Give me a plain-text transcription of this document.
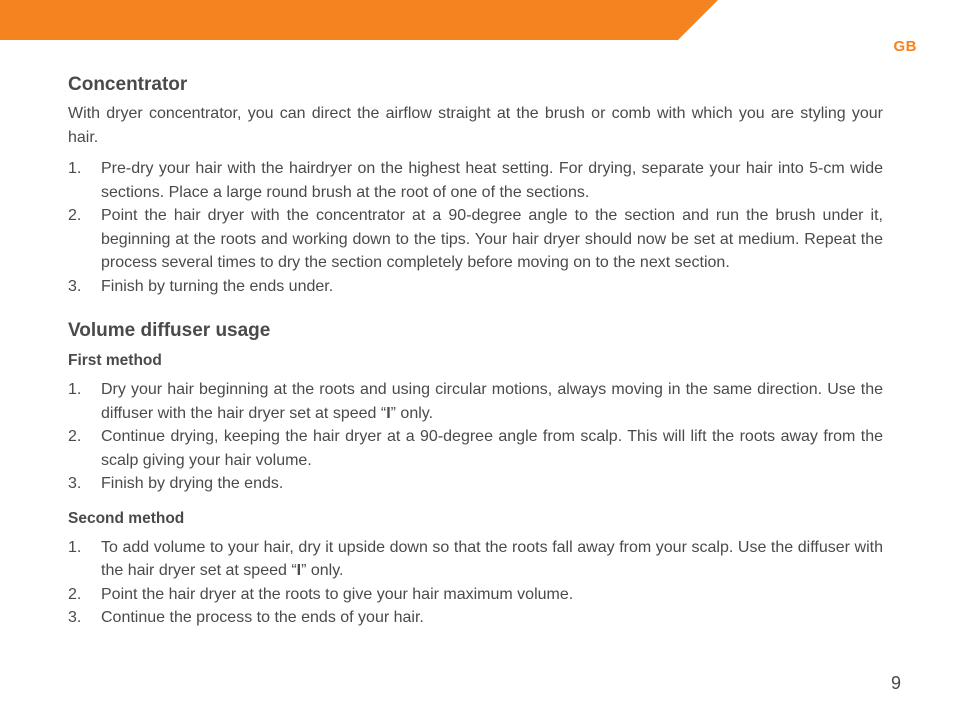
GB
Concentrator

With dryer concentrator, you can direct the airflow straight at the brush or comb with which you are styling your hair.

1. Pre-dry your hair with the hairdryer on the highest heat setting. For drying, separate your hair into 5-cm wide sections. Place a large round brush at the root of one of the sections.
2. Point the hair dryer with the concentrator at a 90-degree angle to the section and run the brush under it, beginning at the roots and working down to the tips. Your hair dryer should now be set at medium. Repeat the process several times to dry the section completely before moving on to the next section.
3. Finish by turning the ends under.
Volume diffuser usage
First method
1. Dry your hair beginning at the roots and using circular motions, always moving in the same direction. Use the diffuser with the hair dryer set at speed “I” only.
2. Continue drying, keeping the hair dryer at a 90-degree angle from scalp. This will lift the roots away from the scalp giving your hair volume.
3. Finish by drying the ends.
Second method
1. To add volume to your hair, dry it upside down so that the roots fall away from your scalp. Use the diffuser with the hair dryer set at speed “I” only.
2. Point the hair dryer at the roots to give your hair maximum volume.
3. Continue the process to the ends of your hair.
9
